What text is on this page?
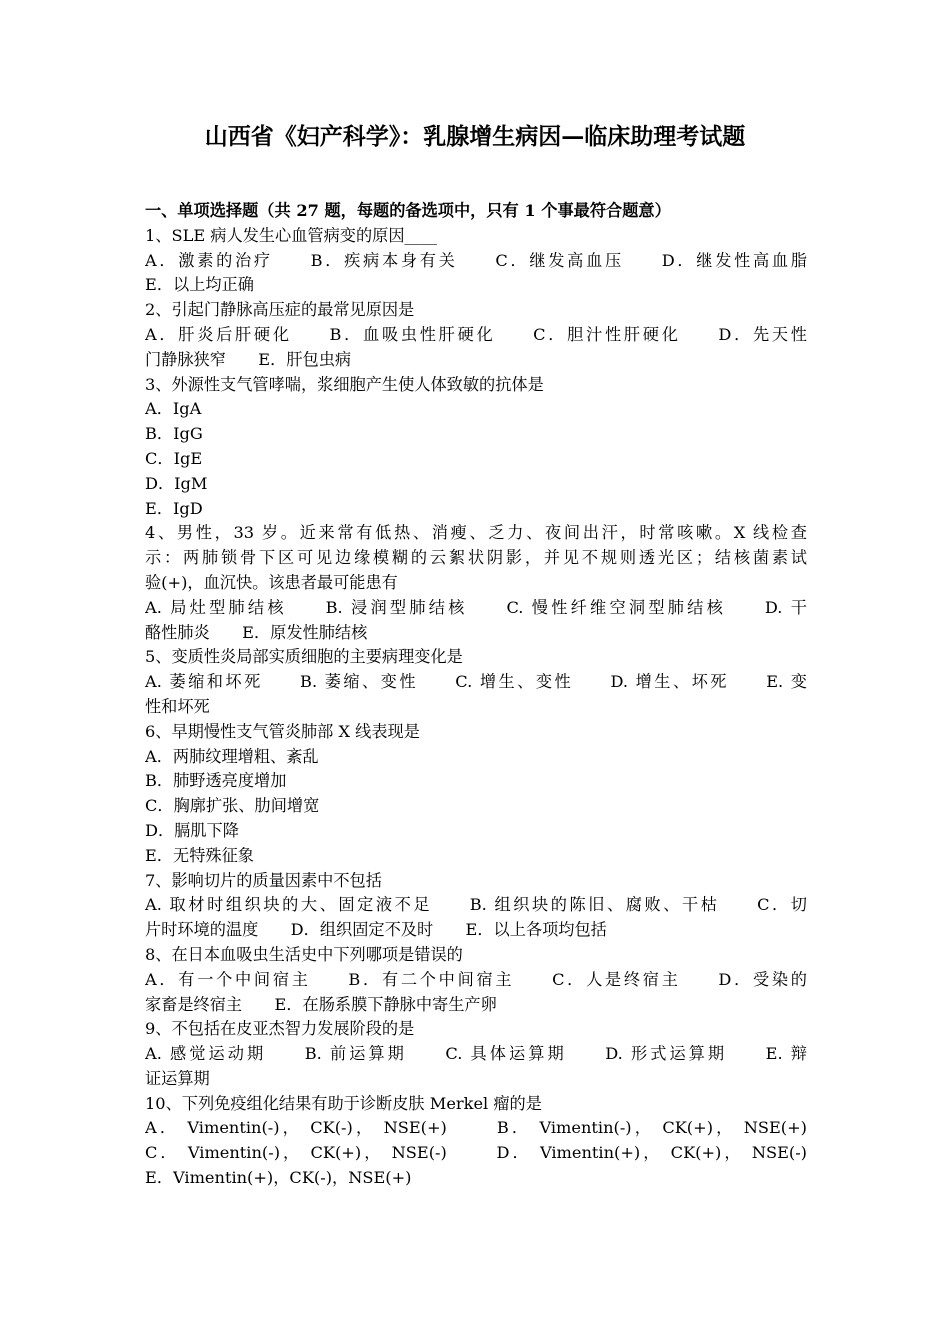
山西省《妇产科学》：乳腺增生病因—临床助理考试题
一、单项选择题（共 27 题，每题的备选项中，只有 1 个事最符合题意）
1、SLE 病人发生心血管病变的原因____
A．激素的治疗　　B．疾病本身有关　　C．继发高血压　　D．继发性高血脂
E．以上均正确
2、引起门静脉高压症的最常见原因是
A．肝炎后肝硬化　　B．血吸虫性肝硬化　　C．胆汁性肝硬化　　D．先天性
门静脉狭窄　　E．肝包虫病
3、外源性支气管哮喘，浆细胞产生使人体致敏的抗体是
A．IgA
B．IgG
C．IgE
D．IgM
E．IgD
4、男性，33 岁。近来常有低热、消瘦、乏力、夜间出汗，时常咳嗽。X 线检查
示：两肺锁骨下区可见边缘模糊的云絮状阴影，并见不规则透光区；结核菌素试
验(+)，血沉快。该患者最可能患有
A. 局灶型肺结核　　B. 浸润型肺结核　　C. 慢性纤维空洞型肺结核　　D. 干
酪性肺炎　　E．原发性肺结核
5、变质性炎局部实质细胞的主要病理变化是
A. 萎缩和坏死　　B. 萎缩、变性　　C. 增生、变性　　D. 增生、坏死　　E. 变
性和坏死
6、早期慢性支气管炎肺部 X 线表现是
A．两肺纹理增粗、紊乱
B．肺野透亮度增加
C．胸廓扩张、肋间增宽
D．膈肌下降
E．无特殊征象
7、影响切片的质量因素中不包括
A. 取材时组织块的大、固定液不足　　B. 组织块的陈旧、腐败、干枯　　C．切
片时环境的温度　　D．组织固定不及时　　E．以上各项均包括
8、在日本血吸虫生活史中下列哪项是错误的
A．有一个中间宿主　　B．有二个中间宿主　　C．人是终宿主　　D．受染的
家畜是终宿主　　E．在肠系膜下静脉中寄生产卵
9、不包括在皮亚杰智力发展阶段的是
A. 感觉运动期　　B. 前运算期　　C. 具体运算期　　D. 形式运算期　　E. 辩
证运算期
10、下列免疫组化结果有助于诊断皮肤 Merkel 瘤的是
A． Vimentin(-)， CK(-)， NSE(+)　　 B． Vimentin(-)， CK(+)， NSE(+)
C． Vimentin(-)， CK(+)， NSE(-)　　 D． Vimentin(+)， CK(+)， NSE(-)
E．Vimentin(+)，CK(-)，NSE(+)
